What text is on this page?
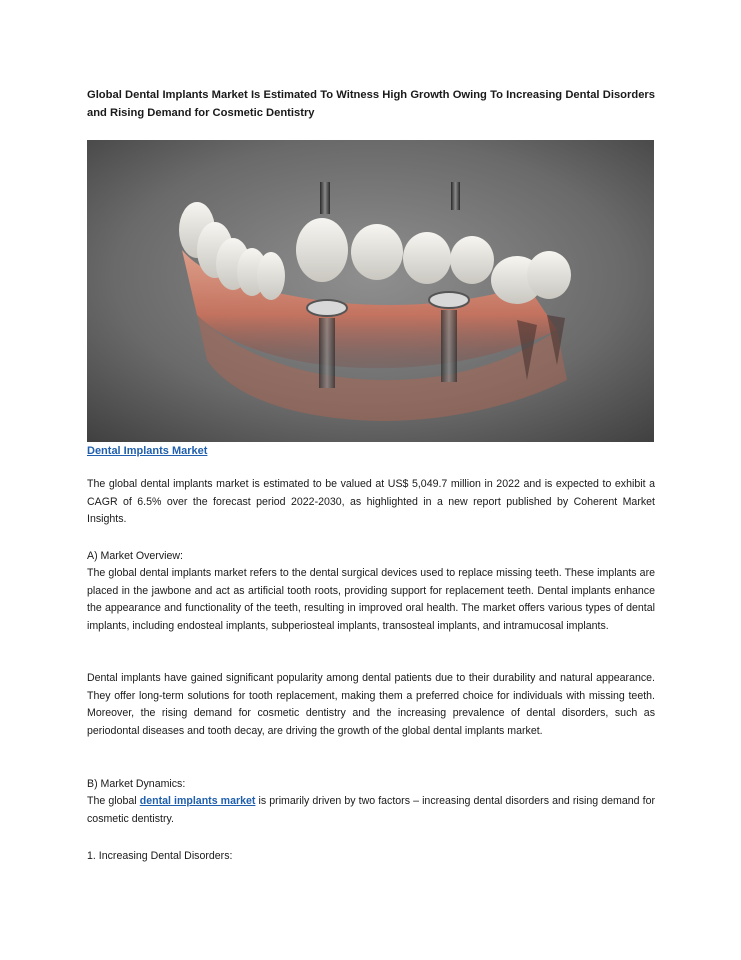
Global Dental Implants Market Is Estimated To Witness High Growth Owing To Increasing Dental Disorders and Rising Demand for Cosmetic Dentistry
Dental Implants Market

The global dental implants market is estimated to be valued at US$ 5,049.7 million in 2022 and is expected to exhibit a CAGR of 6.5% over the forecast period 2022-2030, as highlighted in a new report published by Coherent Market Insights.

A) Market Overview:

The global dental implants market refers to the dental surgical devices used to replace missing teeth. These implants are placed in the jawbone and act as artificial tooth roots, providing support for replacement teeth. Dental implants enhance the appearance and functionality of the teeth, resulting in improved oral health. The market offers various types of dental implants, including endosteal implants, subperiosteal implants, transosteal implants, and intramucosal implants.

Dental implants have gained significant popularity among dental patients due to their durability and natural appearance. They offer long-term solutions for tooth replacement, making them a preferred choice for individuals with missing teeth. Moreover, the rising demand for cosmetic dentistry and the increasing prevalence of dental disorders, such as periodontal diseases and tooth decay, are driving the growth of the global dental implants market.

B) Market Dynamics:

The global dental implants market is primarily driven by two factors – increasing dental disorders and rising demand for cosmetic dentistry.

1. Increasing Dental Disorders:
